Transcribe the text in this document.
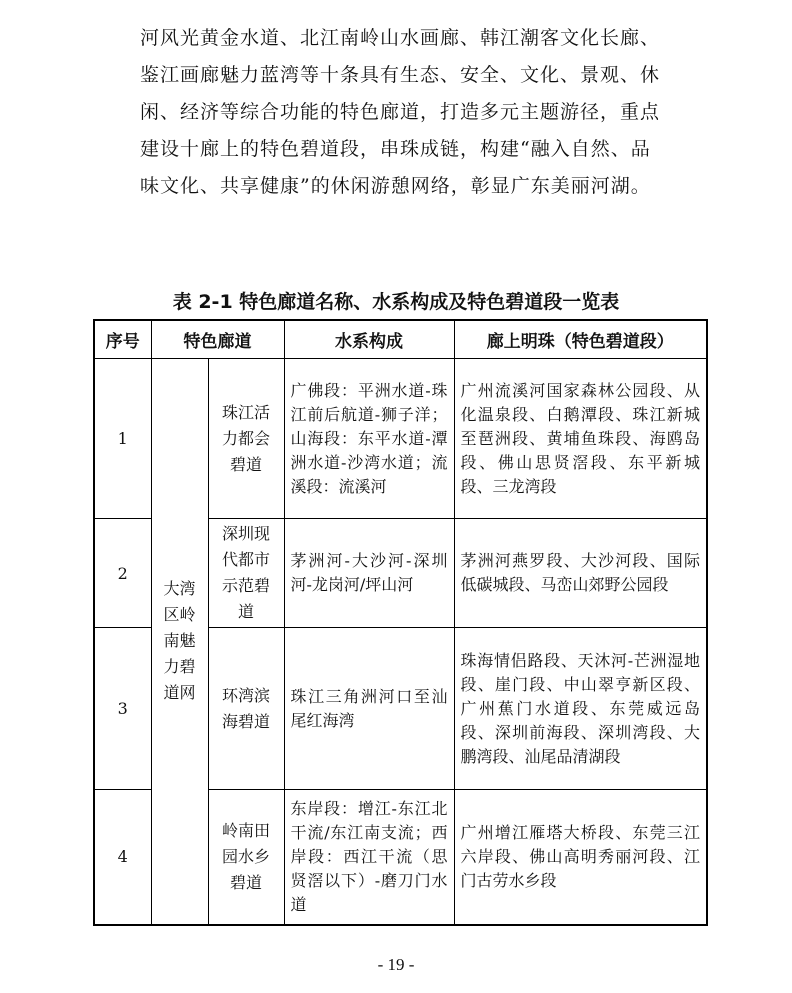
河风光黄金水道、北江南岭山水画廊、韩江潮客文化长廊、鉴江画廊魅力蓝湾等十条具有生态、安全、文化、景观、休闲、经济等综合功能的特色廊道，打造多元主题游径，重点建设十廊上的特色碧道段，串珠成链，构建“融入自然、品味文化、共享健康”的休闲游憩网络，彰显广东美丽河湖。

表 2-1 特色廊道名称、水系构成及特色碧道段一览表

序号	特色廊道		水系构成	廊上明珠（特色碧道段）
1	大湾区岭南魅力碧道网	珠江活力都会碧道	广佛段：平洲水道-珠江前后航道-狮子洋；山海段：东平水道-潭洲水道-沙湾水道；流溪段：流溪河	广州流溪河国家森林公园段、从化温泉段、白鹅潭段、珠江新城至琶洲段、黄埔鱼珠段、海鸥岛段、佛山思贤滘段、东平新城段、三龙湾段
2		深圳现代都市示范碧道	茅洲河-大沙河-深圳河-龙岗河/坪山河	茅洲河燕罗段、大沙河段、国际低碳城段、马峦山郊野公园段
3		环湾滨海碧道	珠江三角洲河口至汕尾红海湾	珠海情侣路段、天沐河-芒洲湿地段、崖门段、中山翠亨新区段、广州蕉门水道段、东莞威远岛段、深圳前海段、深圳湾段、大鹏湾段、汕尾品清湖段
4		岭南田园水乡碧道	东岸段：增江-东江北干流/东江南支流；西岸段：西江干流（思贤滘以下）-磨刀门水道	广州增江雁塔大桥段、东莞三江六岸段、佛山高明秀丽河段、江门古劳水乡段
- 19 -
